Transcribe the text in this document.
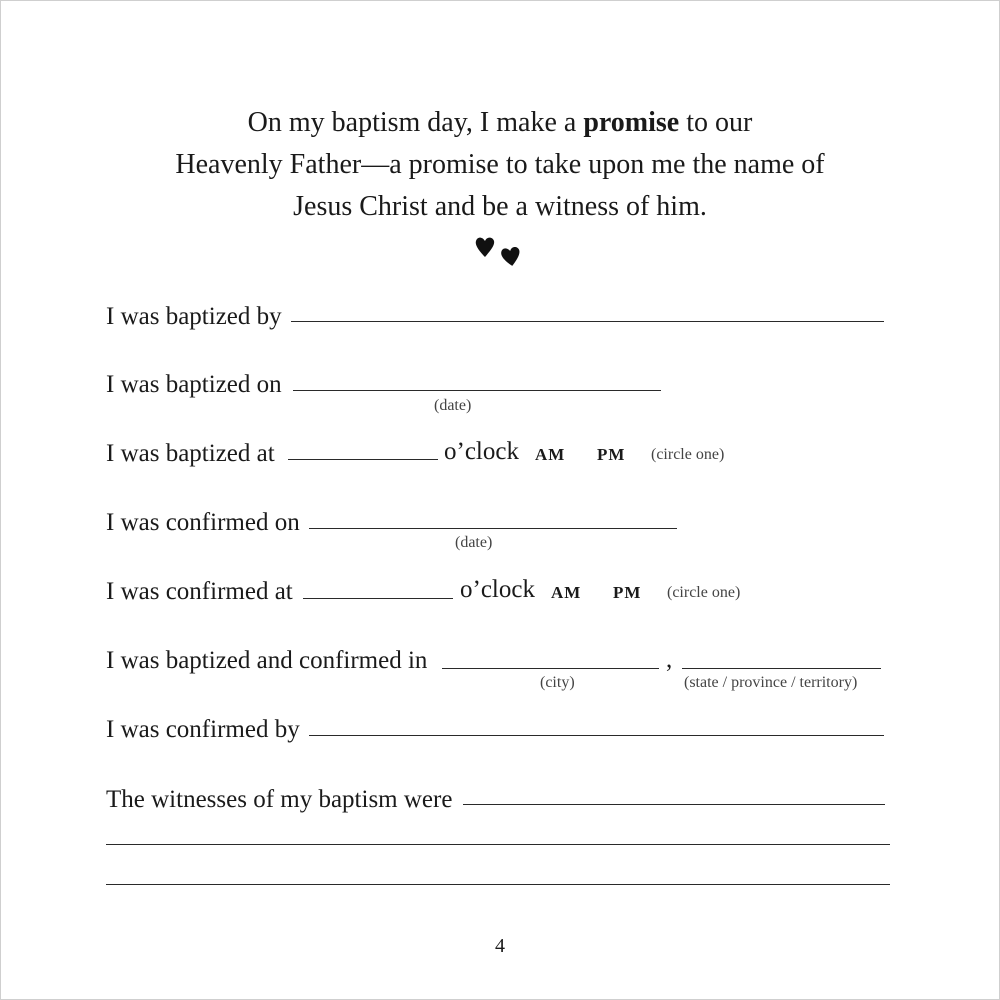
On my baptism day, I make a promise to our
Heavenly Father—a promise to take upon me the name of
Jesus Christ and be a witness of him.
I was baptized by
I was baptized on
(date)
I was baptized at	o’clock AM PM (circle one)
I was confirmed on
(date)
I was confirmed at	o’clock AM PM (circle one)
I was baptized and confirmed in	,
(city)	(state / province / territory)
I was confirmed by
The witnesses of my baptism were
4
